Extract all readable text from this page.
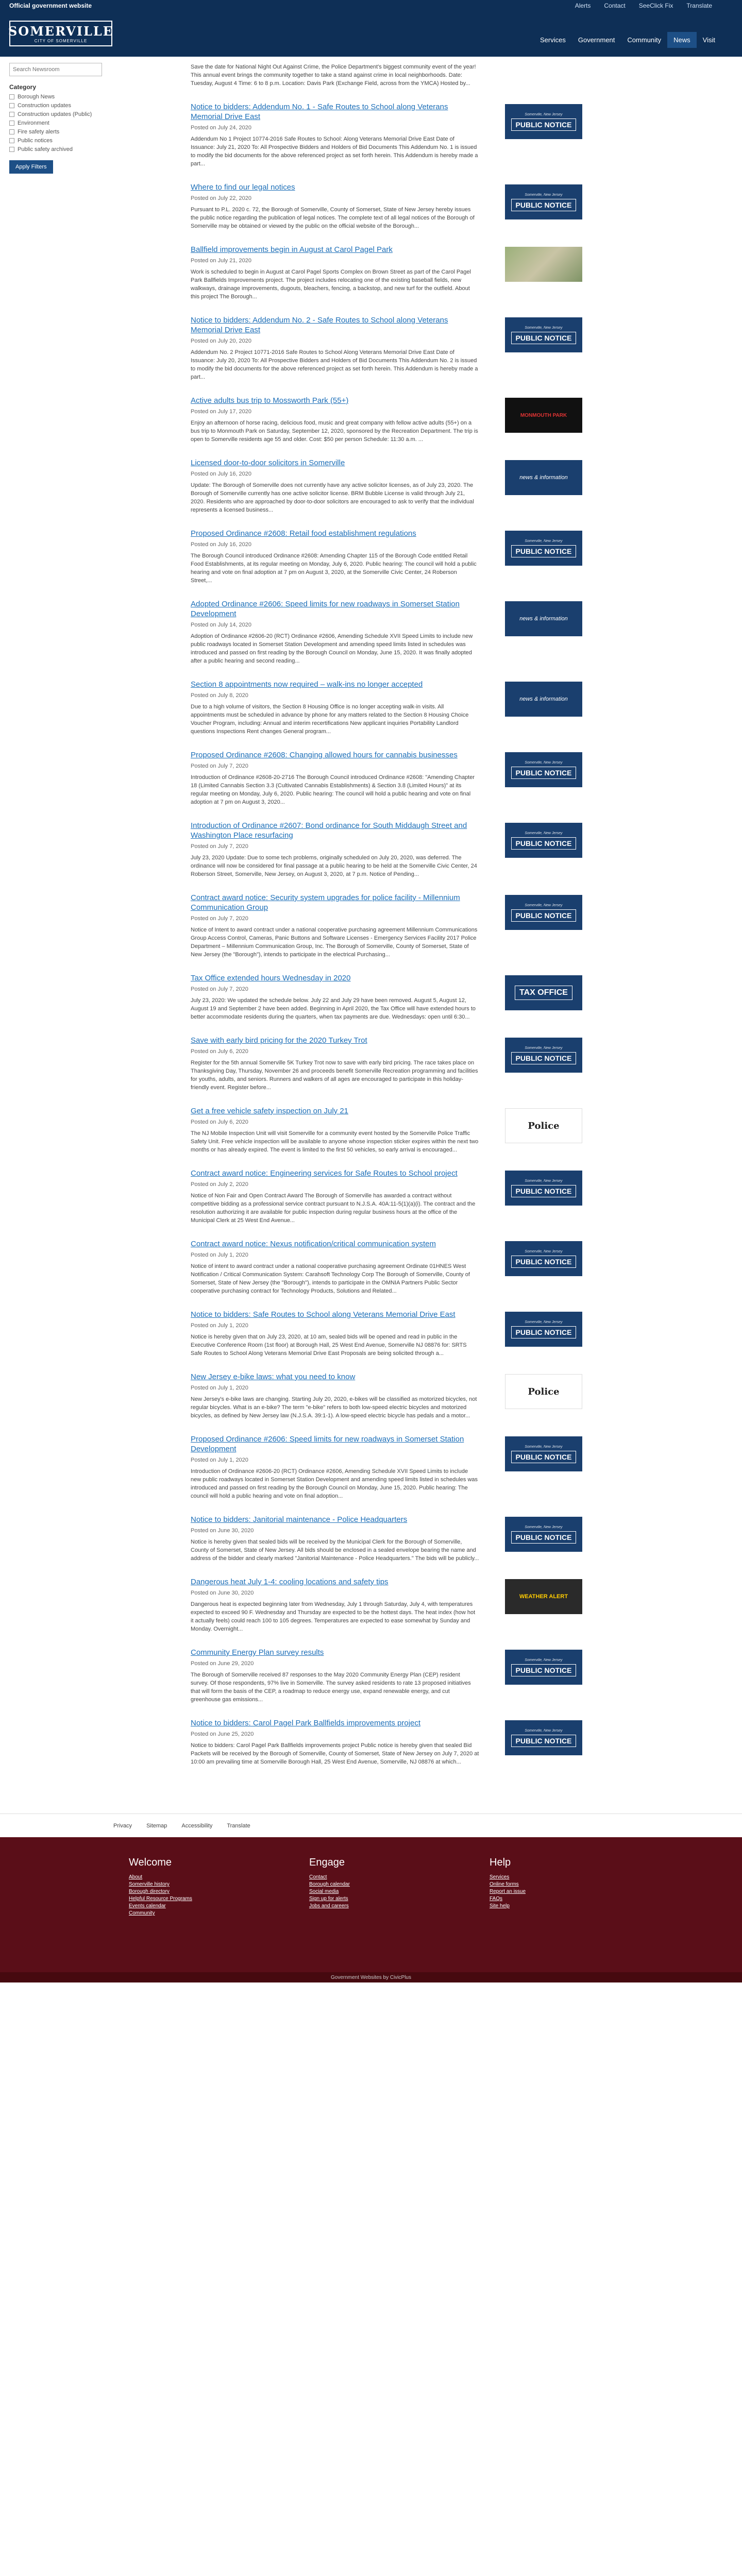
Official government website	Alerts Contact SeeClick Fix Translate
SOMERVILLE
CITY OF SOMERVILLE	Services	Government	Community	News	Visit
Search Newsroom
Category
Borough News
Construction updates
Construction updates (Public)
Environment
Fire safety alerts
Public notices
Public safety archived
Apply Filters
Save the date for National Night Out Against Crime, the Police Department's biggest community event of the year! This annual event brings the community together to take a stand against crime in local neighborhoods. Date: Tuesday, August 4 Time: 6 to 8 p.m. Location: Davis Park (Exchange Field, across from the YMCA) Hosted by...
Notice to bidders: Addendum No. 1 - Safe Routes to School along Veterans Memorial Drive East
Posted on July 24, 2020
Addendum No 1 Project 10774-2016 Safe Routes to School: Along Veterans Memorial Drive East Date of Issuance: July 21, 2020 To: All Prospective Bidders and Holders of Bid Documents This Addendum No. 1 is issued to modify the bid documents for the above referenced project as set forth herein. This Addendum is hereby made a part...
Somerville, New Jersey
PUBLIC NOTICE
Where to find our legal notices
Posted on July 22, 2020
Pursuant to P.L. 2020 c. 72, the Borough of Somerville, County of Somerset, State of New Jersey hereby issues the public notice regarding the publication of legal notices. The complete text of all legal notices of the Borough of Somerville may be obtained or viewed by the public on the official website of the Borough...
Somerville, New Jersey
PUBLIC NOTICE
Ballfield improvements begin in August at Carol Pagel Park
Posted on July 21, 2020
Work is scheduled to begin in August at Carol Pagel Sports Complex on Brown Street as part of the Carol Pagel Park Ballfields Improvements project. The project includes relocating one of the existing baseball fields, new walkways, drainage improvements, dugouts, bleachers, fencing, a backstop, and new turf for the outfield. About this project The Borough...
Notice to bidders: Addendum No. 2 - Safe Routes to School along Veterans Memorial Drive East
Posted on July 20, 2020
Addendum No. 2 Project 10771-2016 Safe Routes to School Along Veterans Memorial Drive East Date of Issuance: July 20, 2020 To: All Prospective Bidders and Holders of Bid Documents This Addendum No. 2 is issued to modify the bid documents for the above referenced project as set forth herein. This Addendum is hereby made a part...
Somerville, New Jersey
PUBLIC NOTICE
Active adults bus trip to Mossworth Park (55+)
Posted on July 17, 2020
Enjoy an afternoon of horse racing, delicious food, music and great company with fellow active adults (55+) on a bus trip to Monmouth Park on Saturday, September 12, 2020, sponsored by the Recreation Department. The trip is open to Somerville residents age 55 and older. Cost: $50 per person Schedule: 11:30 a.m. ...
MONMOUTH PARK
Licensed door-to-door solicitors in Somerville
Posted on July 16, 2020
Update: The Borough of Somerville does not currently have any active solicitor licenses, as of July 23, 2020. The Borough of Somerville currently has one active solicitor license. BRM Bubble License is valid through July 21, 2020. Residents who are approached by door-to-door solicitors are encouraged to ask to verify that the individual represents a licensed business...
news & information
Proposed Ordinance #2608: Retail food establishment regulations
Posted on July 16, 2020
The Borough Council introduced Ordinance #2608: Amending Chapter 115 of the Borough Code entitled Retail Food Establishments, at its regular meeting on Monday, July 6, 2020. Public hearing: The council will hold a public hearing and vote on final adoption at 7 pm on August 3, 2020, at the Somerville Civic Center, 24 Roberson Street,...
Somerville, New Jersey
PUBLIC NOTICE
Adopted Ordinance #2606: Speed limits for new roadways in Somerset Station Development
Posted on July 14, 2020
Adoption of Ordinance #2606-20 (RCT) Ordinance #2606, Amending Schedule XVII Speed Limits to include new public roadways located in Somerset Station Development and amending speed limits listed in schedules was introduced and passed on first reading by the Borough Council on Monday, June 15, 2020. It was finally adopted after a public hearing and second reading...
news & information
Section 8 appointments now required – walk-ins no longer accepted
Posted on July 8, 2020
Due to a high volume of visitors, the Section 8 Housing Office is no longer accepting walk-in visits. All appointments must be scheduled in advance by phone for any matters related to the Section 8 Housing Choice Voucher Program, including: Annual and interim recertifications New applicant inquiries Portability Landlord questions Inspections Rent changes General program...
news & information
Proposed Ordinance #2608: Changing allowed hours for cannabis businesses
Posted on July 7, 2020
Introduction of Ordinance #2608-20-2716 The Borough Council introduced Ordinance #2608: "Amending Chapter 18 (Limited Cannabis Section 3.3 (Cultivated Cannabis Establishments) & Section 3.8 (Limited Hours)" at its regular meeting on Monday, July 6, 2020. Public hearing: The council will hold a public hearing and vote on final adoption at 7 pm on August 3, 2020...
Somerville, New Jersey
PUBLIC NOTICE
Introduction of Ordinance #2607: Bond ordinance for South Middaugh Street and Washington Place resurfacing
Posted on July 7, 2020
July 23, 2020 Update: Due to some tech problems, originally scheduled on July 20, 2020, was deferred. The ordinance will now be considered for final passage at a public hearing to be held at the Somerville Civic Center, 24 Roberson Street, Somerville, New Jersey, on August 3, 2020, at 7 p.m. Notice of Pending...
Somerville, New Jersey
PUBLIC NOTICE
Contract award notice: Security system upgrades for police facility - Millennium Communication Group
Posted on July 7, 2020
Notice of Intent to award contract under a national cooperative purchasing agreement Millennium Communications Group Access Control, Cameras, Panic Buttons and Software Licenses - Emergency Services Facility 2017 Police Department – Millennium Communication Group, Inc. The Borough of Somerville, County of Somerset, State of New Jersey (the "Borough"), intends to participate in the electrical Purchasing...
Somerville, New Jersey
PUBLIC NOTICE
Tax Office extended hours Wednesday in 2020
Posted on July 7, 2020
July 23, 2020: We updated the schedule below. July 22 and July 29 have been removed. August 5, August 12, August 19 and September 2 have been added. Beginning in April 2020, the Tax Office will have extended hours to better accommodate residents during the quarters, when tax payments are due. Wednesdays: open until 6:30...
TAX OFFICE
Save with early bird pricing for the 2020 Turkey Trot
Posted on July 6, 2020
Register for the 5th annual Somerville 5K Turkey Trot now to save with early bird pricing. The race takes place on Thanksgiving Day, Thursday, November 26 and proceeds benefit Somerville Recreation programming and facilities for youths, adults, and seniors. Runners and walkers of all ages are encouraged to participate in this holiday-friendly event. Register before...
Somerville, New Jersey
PUBLIC NOTICE
Get a free vehicle safety inspection on July 21
Posted on July 6, 2020
The NJ Mobile Inspection Unit will visit Somerville for a community event hosted by the Somerville Police Traffic Safety Unit. Free vehicle inspection will be available to anyone whose inspection sticker expires within the next two months or has already expired. The event is limited to the first 50 vehicles, so early arrival is encouraged...
Police
Contract award notice: Engineering services for Safe Routes to School project
Posted on July 2, 2020
Notice of Non Fair and Open Contract Award The Borough of Somerville has awarded a contract without competitive bidding as a professional service contract pursuant to N.J.S.A. 40A:11-5(1)(a)(i). The contract and the resolution authorizing it are available for public inspection during regular business hours at the office of the Municipal Clerk at 25 West End Avenue...
Somerville, New Jersey
PUBLIC NOTICE
Contract award notice: Nexus notification/critical communication system
Posted on July 1, 2020
Notice of intent to award contract under a national cooperative purchasing agreement Ordinate 01HNES West Notification / Critical Communication System: Carahsoft Technology Corp The Borough of Somerville, County of Somerset, State of New Jersey (the "Borough"), intends to participate in the OMNIA Partners Public Sector cooperative purchasing contract for Technology Products, Solutions and Related...
Somerville, New Jersey
PUBLIC NOTICE
Notice to bidders: Safe Routes to School along Veterans Memorial Drive East
Posted on July 1, 2020
Notice is hereby given that on July 23, 2020, at 10 am, sealed bids will be opened and read in public in the Executive Conference Room (1st floor) at Borough Hall, 25 West End Avenue, Somerville NJ 08876 for: SRTS Safe Routes to School Along Veterans Memorial Drive East Proposals are being solicited through a...
Somerville, New Jersey
PUBLIC NOTICE
New Jersey e-bike laws: what you need to know
Posted on July 1, 2020
New Jersey's e-bike laws are changing. Starting July 20, 2020, e-bikes will be classified as motorized bicycles, not regular bicycles. What is an e-bike? The term "e-bike" refers to both low-speed electric bicycles and motorized bicycles, as defined by New Jersey law (N.J.S.A. 39:1-1). A low-speed electric bicycle has pedals and a motor...
Police
Proposed Ordinance #2606: Speed limits for new roadways in Somerset Station Development
Posted on July 1, 2020
Introduction of Ordinance #2606-20 (RCT) Ordinance #2606, Amending Schedule XVII Speed Limits to include new public roadways located in Somerset Station Development and amending speed limits listed in schedules was introduced and passed on first reading by the Borough Council on Monday, June 15, 2020. Public hearing: The council will hold a public hearing and vote on final adoption...
Somerville, New Jersey
PUBLIC NOTICE
Notice to bidders: Janitorial maintenance - Police Headquarters
Posted on June 30, 2020
Notice is hereby given that sealed bids will be received by the Municipal Clerk for the Borough of Somerville, County of Somerset, State of New Jersey. All bids should be enclosed in a sealed envelope bearing the name and address of the bidder and clearly marked "Janitorial Maintenance - Police Headquarters." The bids will be publicly...
Somerville, New Jersey
PUBLIC NOTICE
Dangerous heat July 1-4: cooling locations and safety tips
Posted on June 30, 2020
Dangerous heat is expected beginning later from Wednesday, July 1 through Saturday, July 4, with temperatures expected to exceed 90 F. Wednesday and Thursday are expected to be the hottest days. The heat index (how hot it actually feels) could reach 100 to 105 degrees. Temperatures are expected to ease somewhat by Sunday and Monday. Overnight...
WEATHER ALERT
Community Energy Plan survey results
Posted on June 29, 2020
The Borough of Somerville received 87 responses to the May 2020 Community Energy Plan (CEP) resident survey. Of those respondents, 97% live in Somerville. The survey asked residents to rate 13 proposed initiatives that will form the basis of the CEP, a roadmap to reduce energy use, expand renewable energy, and cut greenhouse gas emissions...
Somerville, New Jersey
PUBLIC NOTICE
Notice to bidders: Carol Pagel Park Ballfields improvements project
Posted on June 25, 2020
Notice to bidders: Carol Pagel Park Ballfields improvements project Public notice is hereby given that sealed Bid Packets will be received by the Borough of Somerville, County of Somerset, State of New Jersey on July 7, 2020 at 10:00 am prevailing time at Somerville Borough Hall, 25 West End Avenue, Somerville, NJ 08876 at which...
Somerville, New Jersey
PUBLIC NOTICE
Privacy	Sitemap	Accessibility	Translate
Welcome
About
Somerville history
Borough directory
Helpful Resource Programs
Events calendar
Community
Engage
Contact
Borough calendar
Social media
Sign up for alerts
Jobs and careers
Help
Services
Online forms
Report an issue
FAQs
Site help
Government Websites by CivicPlus
